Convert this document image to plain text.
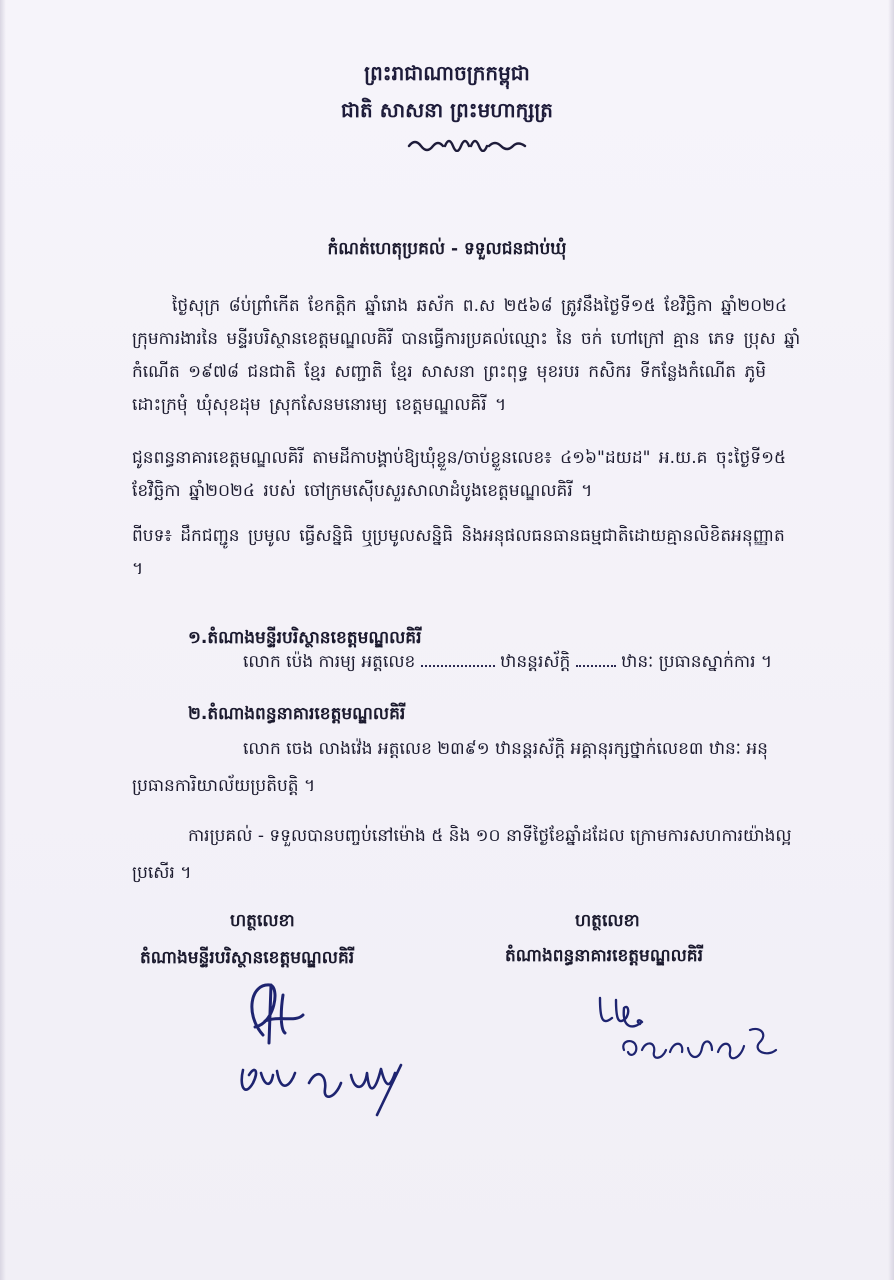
ព្រះរាជាណាចក្រកម្ពុជា
ជាតិ សាសនា ព្រះមហាក្សត្រ
កំណត់ហេតុប្រគល់ - ទទួលជនជាប់ឃុំ
ថ្ងៃសុក្រ ៨ប់ព្រាំកើត ខែកត្តិក ឆ្នាំរោង ឆស័ក ព.ស ២៥៦៨ ត្រូវនឹងថ្ងៃទី១៥ ខែវិច្ឆិកា ឆ្នាំ២០២៤
ក្រុមការងារនៃ មន្ទីរបរិស្ថានខេត្តមណ្ឌលគិរី បានធ្វើការប្រគល់ឈ្មោះ នៃ ចក់ ហៅក្រៅ គ្មាន ភេទ ប្រុស ឆ្នាំ
កំណើត ១៩៧៨ ជនជាតិ ខ្មែរ សញ្ជាតិ ខ្មែរ សាសនា ព្រះពុទ្ធ មុខរបរ កសិករ ទីកន្លែងកំណើត ភូមិ
ដោះក្រមុំ ឃុំសុខដុម ស្រុកសែនមនោរម្យ ខេត្តមណ្ឌលគិរី ។
ជូនពន្ធនាគារខេត្តមណ្ឌលគិរី តាមដីកាបង្គាប់ឱ្យឃុំខ្លួន/ចាប់ខ្លួនលេខ៖ ៤១៦"ដយដ" អ.យ.គ ចុះថ្ងៃទី១៥
ខែវិច្ឆិកា ឆ្នាំ២០២៤ របស់ ចៅក្រមស៊ើបសួរសាលាដំបូងខេត្តមណ្ឌលគិរី ។
ពីបទ៖ ដឹកជញ្ជូន ប្រមូល ធ្វើសន្និធិ ឬប្រមូលសន្និធិ និងអនុផលធនធានធម្មជាតិដោយគ្មានលិខិតអនុញ្ញាត
។
១.តំណាងមន្ទីរបរិស្ថានខេត្តមណ្ឌលគិរី
លោក ប៉េង ការម្យ អត្តលេខ	ឋានន្តរស័ក្តិ	ឋានៈ ប្រធានស្នាក់ការ ។
២.តំណាងពន្ធនាគារខេត្តមណ្ឌលគិរី
លោក ចេង លាងវ៉េង អត្តលេខ ២៣៩១ ឋានន្តរស័ក្តិ អគ្គានុរក្សថ្នាក់លេខ៣ ឋានៈ អនុ
ប្រធានការិយាល័យប្រតិបត្តិ ។
ការប្រគល់ - ទទួលបានបញ្ចប់នៅម៉ោង ៥ និង ១០ នាទីថ្ងៃខែឆ្នាំដដែល ក្រោមការសហការយ៉ាងល្អ
ប្រសើរ ។
ហត្ថលេខា
តំណាងមន្ទីរបរិស្ថានខេត្តមណ្ឌលគិរី
ហត្ថលេខា
តំណាងពន្ធនាគារខេត្តមណ្ឌលគិរី
